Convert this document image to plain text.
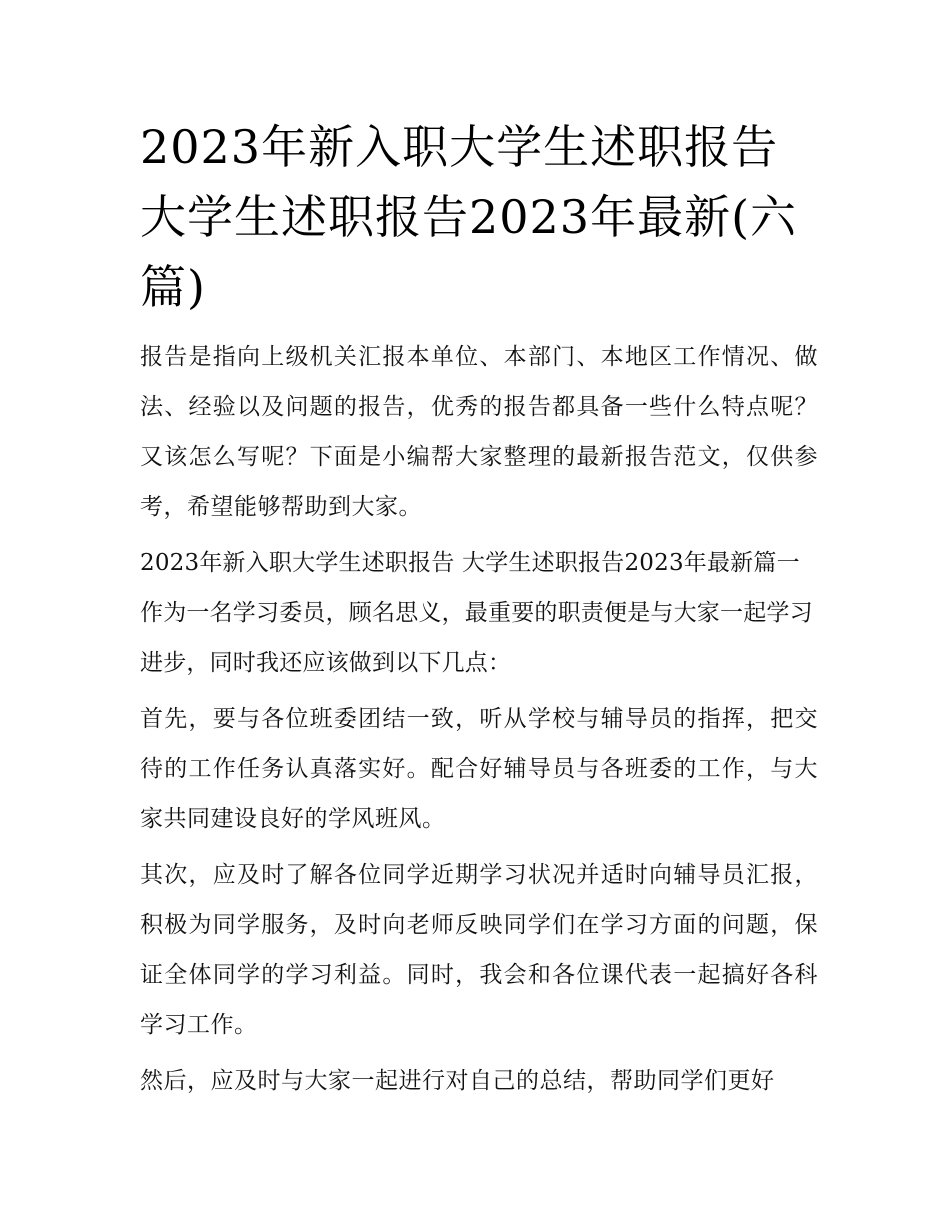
2023年新入职大学生述职报告 大学生述职报告2023年最新(六篇)

报告是指向上级机关汇报本单位、本部门、本地区工作情况、做法、经验以及问题的报告，优秀的报告都具备一些什么特点呢？又该怎么写呢？下面是小编帮大家整理的最新报告范文，仅供参考，希望能够帮助到大家。

2023年新入职大学生述职报告 大学生述职报告2023年最新篇一 作为一名学习委员，顾名思义，最重要的职责便是与大家一起学习进步，同时我还应该做到以下几点：

首先，要与各位班委团结一致，听从学校与辅导员的指挥，把交待的工作任务认真落实好。配合好辅导员与各班委的工作，与大家共同建设良好的学风班风。

其次，应及时了解各位同学近期学习状况并适时向辅导员汇报，积极为同学服务，及时向老师反映同学们在学习方面的问题，保证全体同学的学习利益。同时，我会和各位课代表一起搞好各科学习工作。

然后，应及时与大家一起进行对自己的总结，帮助同学们更好
